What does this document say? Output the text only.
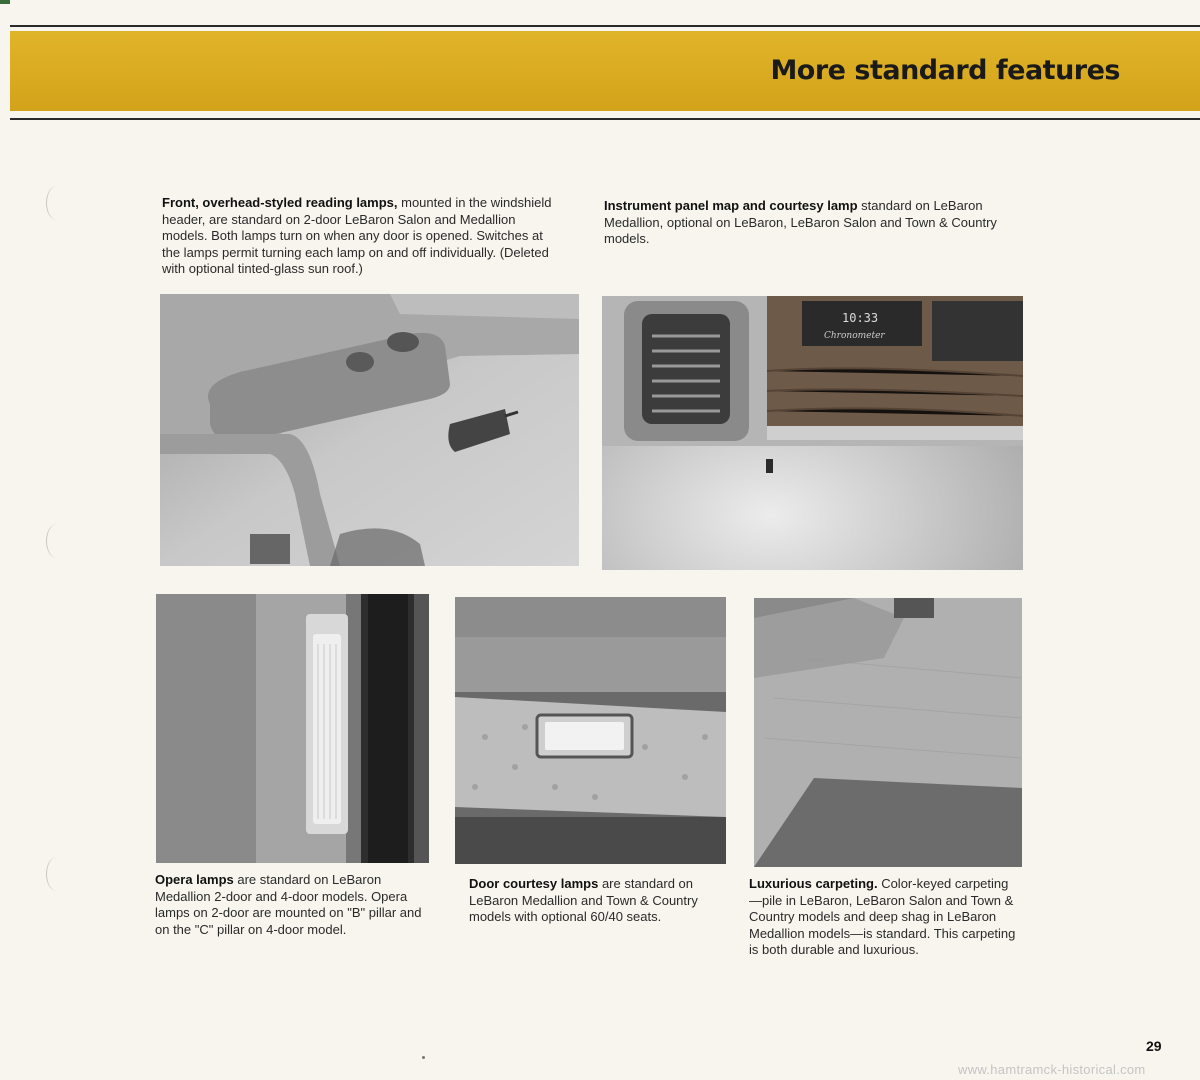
More standard features
Front, overhead-styled reading lamps, mounted in the windshield header, are standard on 2-door LeBaron Salon and Medallion models. Both lamps turn on when any door is opened. Switches at the lamps permit turning each lamp on and off individually. (Deleted with optional tinted-glass sun roof.)
Instrument panel map and courtesy lamp standard on LeBaron Medallion, optional on LeBaron, LeBaron Salon and Town & Country models.
10:33
Chronometer
Opera lamps are standard on LeBaron Medallion 2-door and 4-door models. Opera lamps on 2-door are mounted on "B" pillar and on the "C" pillar on 4-door model.
Door courtesy lamps are standard on LeBaron Medallion and Town & Country models with optional 60/40 seats.
Luxurious carpeting. Color-keyed carpeting—pile in LeBaron, LeBaron Salon and Town & Country models and deep shag in LeBaron Medallion models—is standard. This carpeting is both durable and luxurious.
29
www.hamtramck-historical.com
